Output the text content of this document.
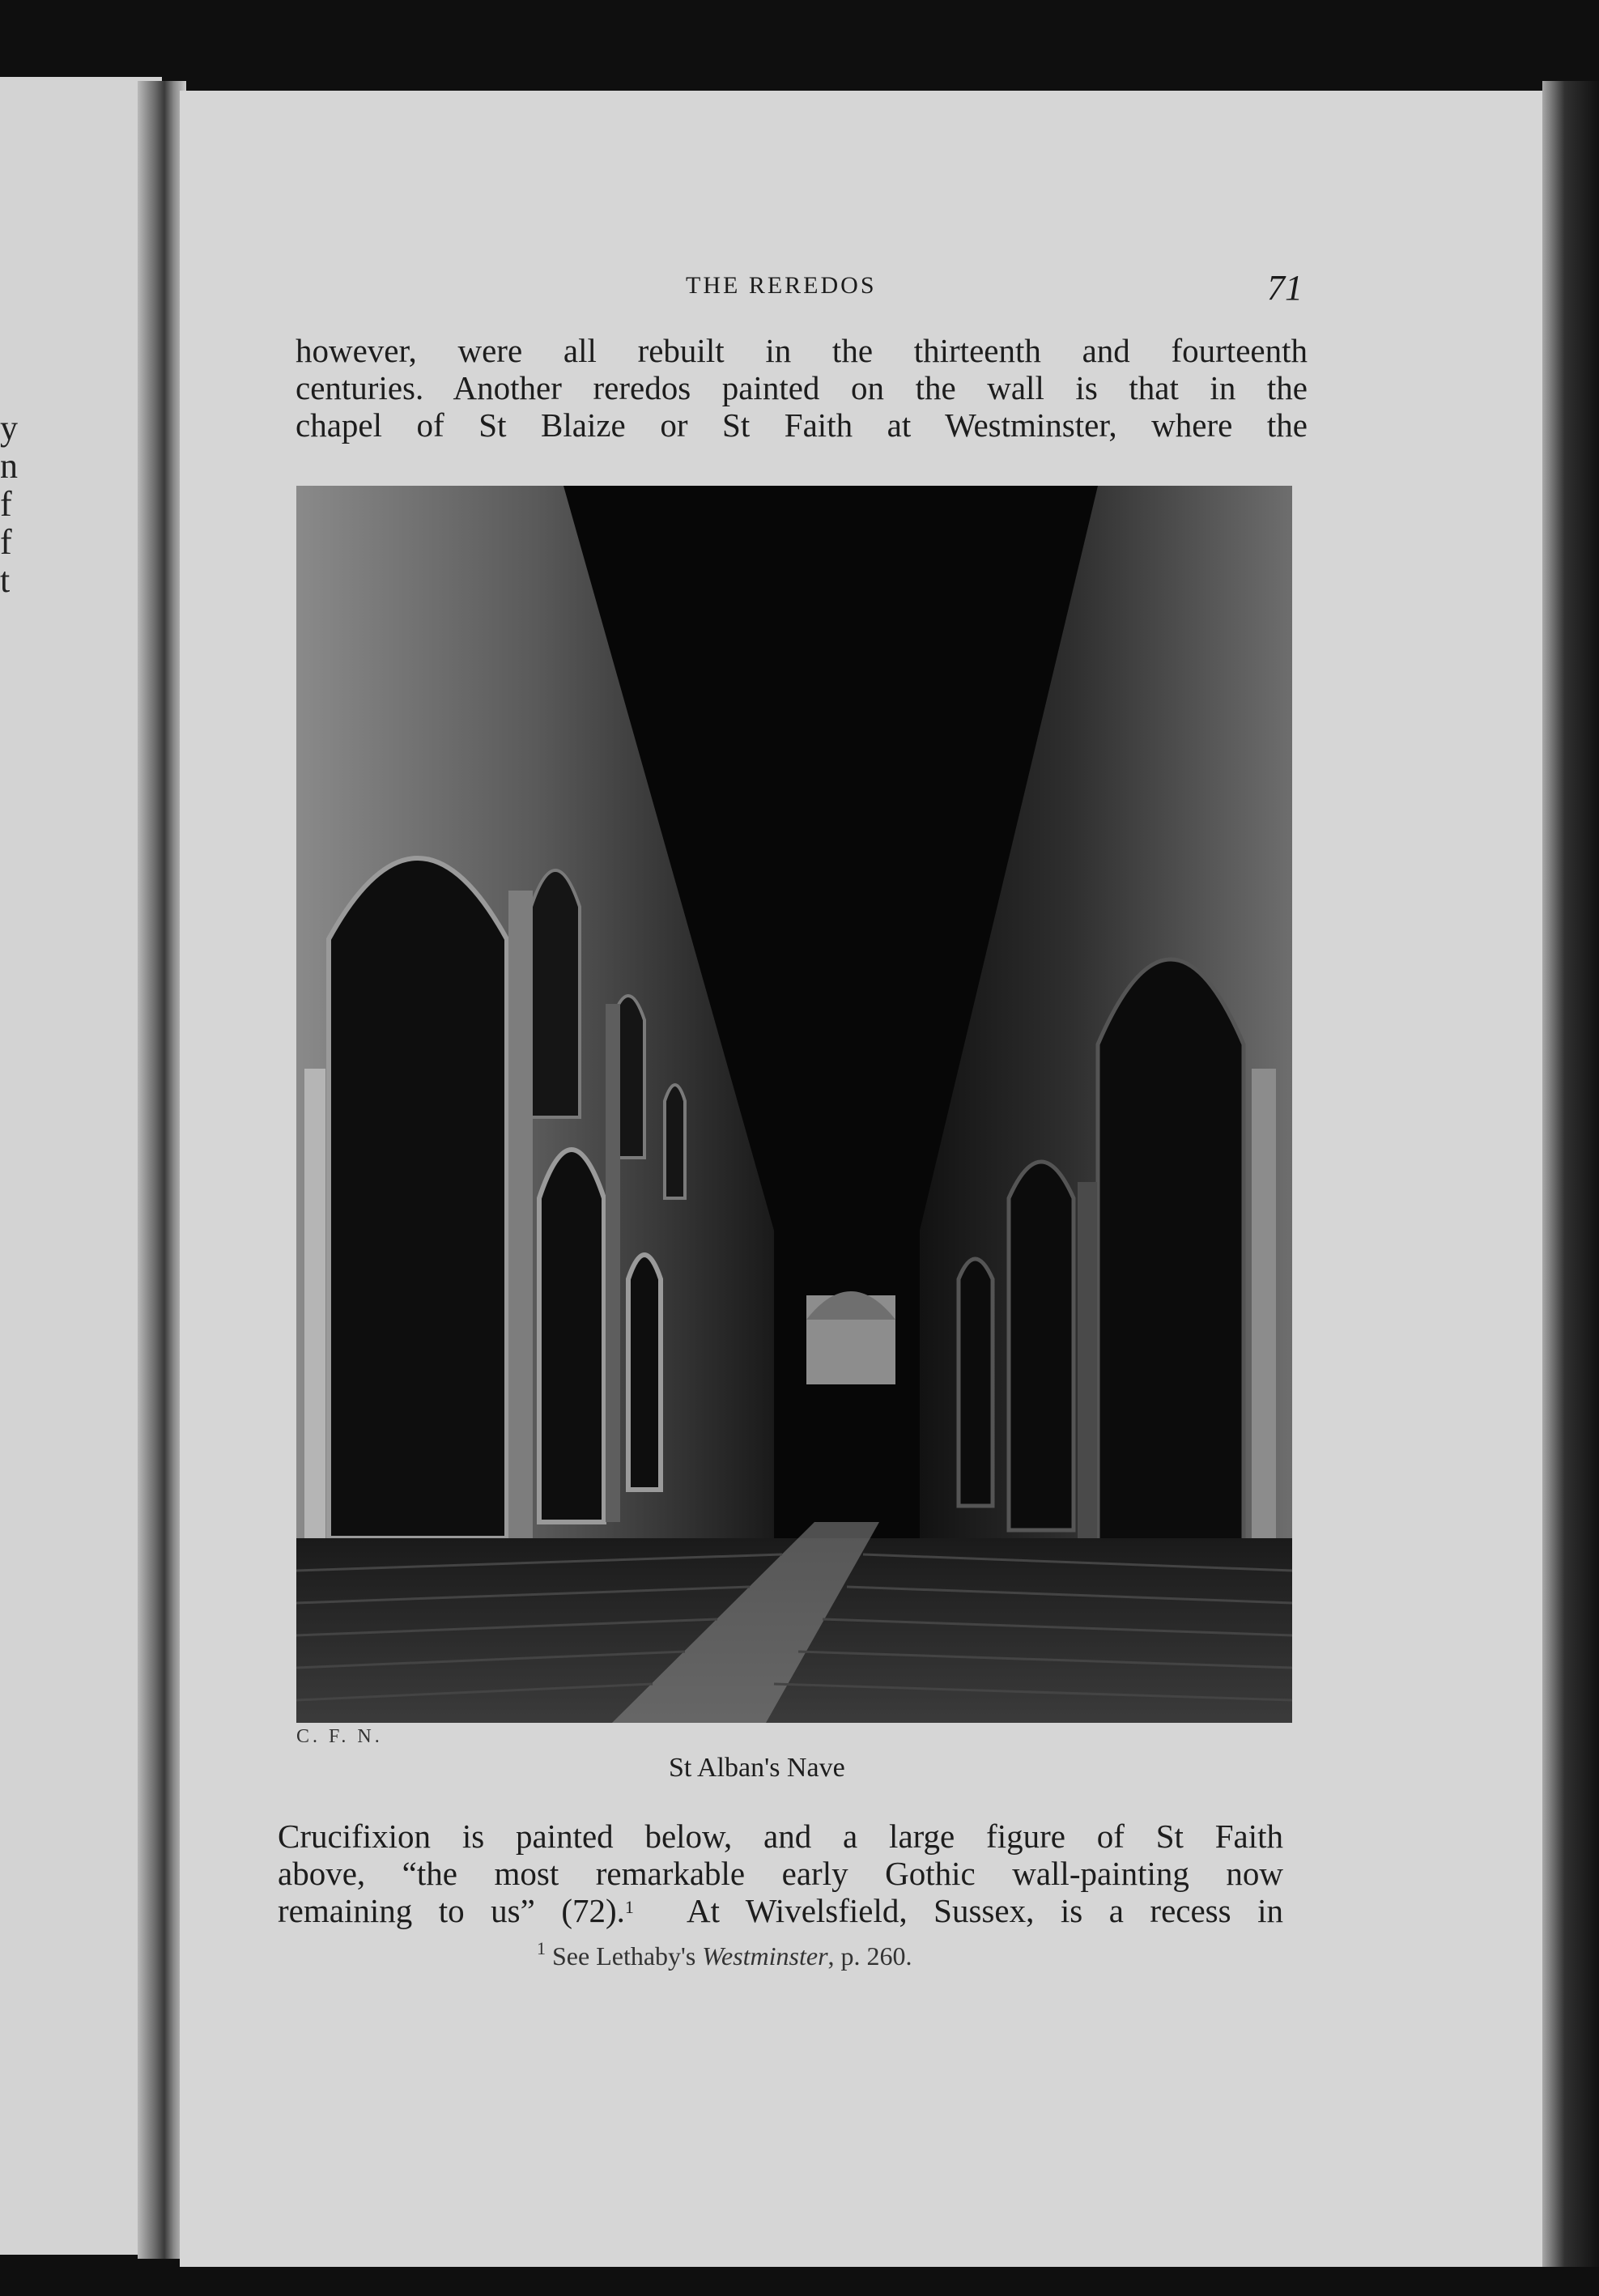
y
n
f
f
t
THE REREDOS	71
however, were all rebuilt in the thirteenth and fourteenth
centuries. Another reredos painted on the wall is that in the
chapel of St Blaize or St Faith at Westminster, where the
C. F. N.
St Alban's Nave
Crucifixion is painted below, and a large figure of St Faith
above, “the most remarkable early Gothic wall-painting now
remaining to us” (72).$^1$ At Wivelsfield, Sussex, is a recess in
$^1$ See Lethaby's Westminster, p. 260.
